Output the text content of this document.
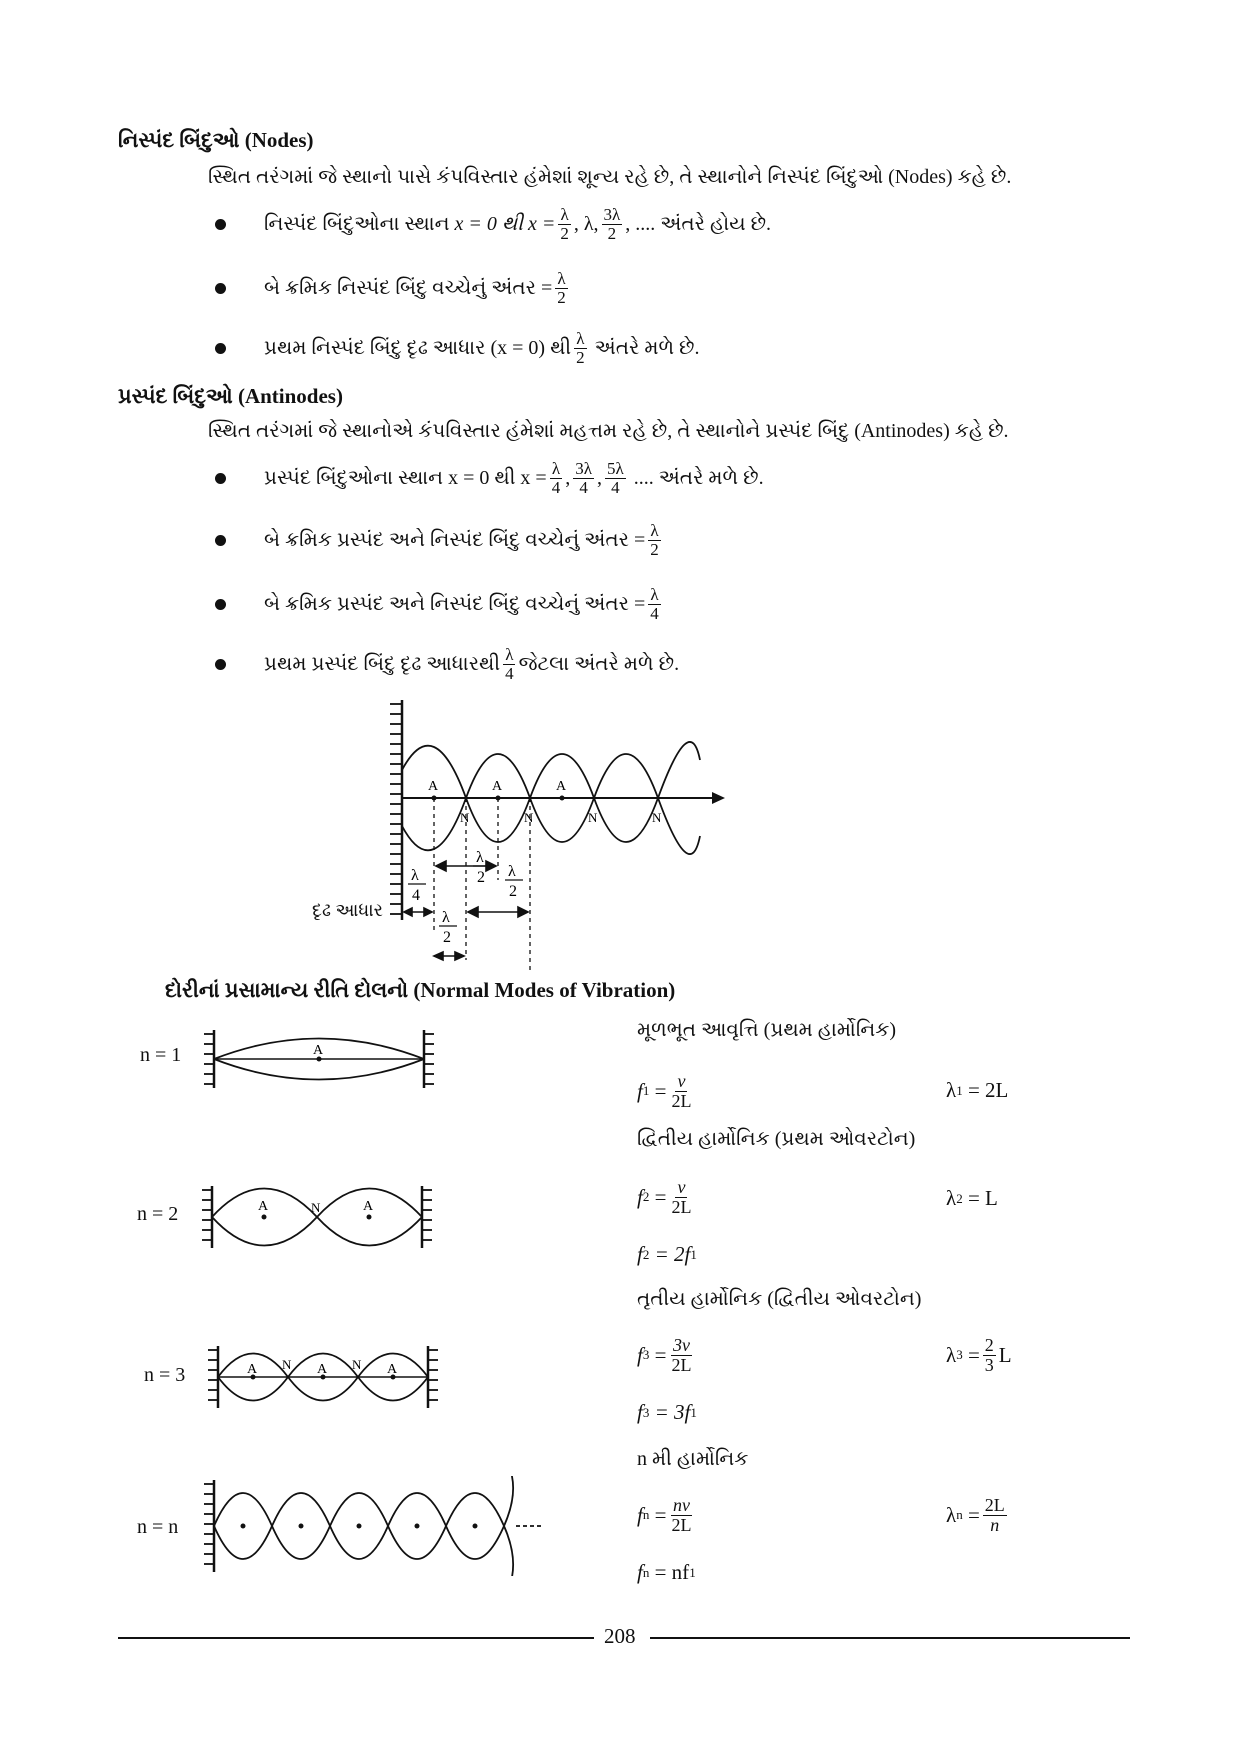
નિસ્પંદ બિંદુઓ (Nodes)
સ્થિત તરંગમાં જે સ્થાનો પાસે કંપવિસ્તાર હંમેશાં શૂન્ય રહે છે, તે સ્થાનોને નિસ્પંદ બિંદુઓ (Nodes) કહે છે.
નિસ્પંદ બિંદુઓના સ્થાન
x = 0 થી $x = \frac{\lambda}{2}$ , λ, $\frac{3\lambda}{2}$ , .... અંતરે હોય છે.
બે ક્રમિક નિસ્પંદ બિંદુ વચ્ચેનું અંતર = $\frac{\lambda}{2}$
પ્રથમ નિસ્પંદ બિંદુ દૃઢ આધાર (x = 0) થી $\frac{\lambda}{2}$
અંતરે મળે છે.
પ્રસ્પંદ બિંદુઓ (Antinodes)
સ્થિત તરંગમાં જે સ્થાનોએ કંપવિસ્તાર હંમેશાં મહત્તમ રહે છે, તે સ્થાનોને પ્રસ્પંદ બિંદુ (Antinodes) કહે છે.
પ્રસ્પંદ બિંદુઓના સ્થાન x = 0 થી $x = \frac{\lambda}{4}$ , $\frac{3\lambda}{4}$ , $\frac{5\lambda}{4}$
.... અંતરે મળે છે.
બે ક્રમિક પ્રસ્પંદ અને નિસ્પંદ બિંદુ વચ્ચેનું અંતર = $\frac{\lambda}{2}$
બે ક્રમિક પ્રસ્પંદ અને નિસ્પંદ બિંદુ વચ્ચેનું અંતર = $\frac{\lambda}{4}$
પ્રથમ પ્રસ્પંદ બિંદુ દૃઢ આધારથી $\frac{\lambda}{4}$ જેટલા અંતરે મળે છે.
A	A	A
N	N	N	N
λ
4
λ
2 λ
2
λ
2
દૃઢ આધાર
દોરીનાં પ્રસામાન્ય રીતિ દોલનો (Normal Modes of Vibration)
n = 1	A
મૂળભૂત આવૃત્તિ (પ્રથમ હાર્મોનિક)
f 1
= $\frac{v}{2L}$	λ 1
= 2L
n = 2	A	N	A
દ્વિતીય હાર્મોનિક (પ્રથમ ઓવરટોન)
f 2
= $\frac{v}{2L}$	λ 2
= L
f 2
= 2f 1
n = 3	A N A N A
તૃતીય હાર્મોનિક (દ્વિતીય ઓવરટોન)
f 3
= $\frac{3v}{2L}$	λ 3
= $\frac{2}{3}$ L
f 3
= 3f 1
n = n
n મી હાર્મોનિક
f n
= $\frac{nv}{2L}$	λ n
= $\frac{2L}{n}$
f n
= nf 1
208
